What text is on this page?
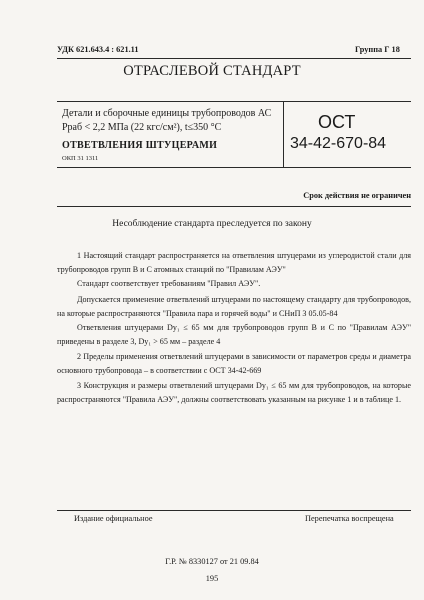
УДК 621.643.4 : 621.11	Группа Г 18
ОТРАСЛЕВОЙ СТАНДАРТ
Детали и сборочные единицы трубопроводов АС
Рраб < 2,2 МПа (22 кгс/см²), t≤350 °С
ОТВЕТВЛЕНИЯ ШТУЦЕРАМИ
ОСТ
34-42-670-84
ОКП 31 1311
Срок действия не ограничен
Несоблюдение стандарта преследуется по закону

1 Настоящий стандарт распространяется на ответвления штуцерами из углеродистой стали для трубопроводов групп В и С атомных станций по "Правилам АЭУ"

Стандарт соответствует требованиям "Правил АЭУ".

Допускается применение ответвлений штуцерами по настоящему стандарту для трубопроводов, на которые распространяются "Правила пара и горячей воды" и СНиП 3 05.05-84

Ответвления штуцерами Dy₁ ≤ 65 мм для трубопроводов групп В и С по "Правилам АЭУ" приведены в разделе 3, Dy₁ > 65 мм – разделе 4

2 Пределы применения ответвлений штуцерами в зависимости от параметров среды и диаметра основного трубопровода – в соответствии с ОСТ 34-42-669

3 Конструкция и размеры ответвлений штуцерами Dy₁ ≤ 65 мм для трубопроводов, на которые распространяются "Правила АЭУ", должны соответствовать указанным на рисунке 1 и в таблице 1.

Издание официальное	Перепечатка воспрещена
Г.Р. № 8330127 от 21 09.84
195
